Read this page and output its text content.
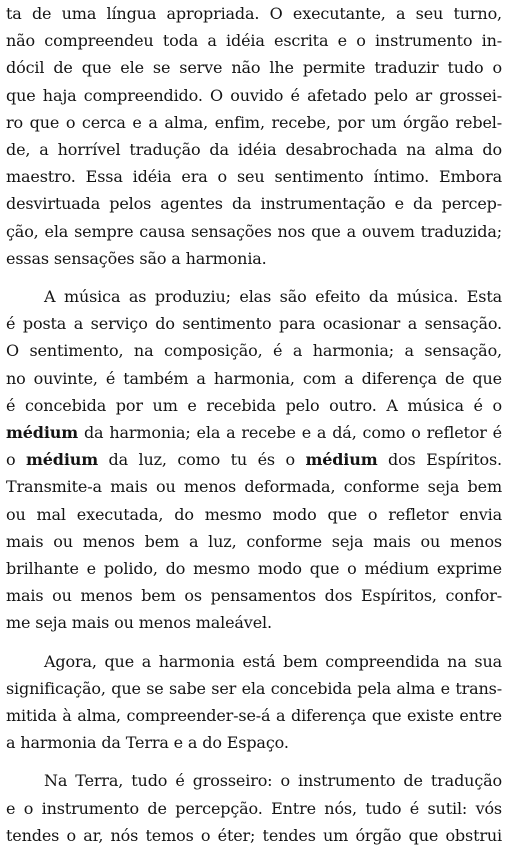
ta de uma língua apropriada. O executante, a seu turno,
não compreendeu toda a idéia escrita e o instrumento in-
dócil de que ele se serve não lhe permite traduzir tudo o
que haja compreendido. O ouvido é afetado pelo ar grossei-
ro que o cerca e a alma, enfim, recebe, por um órgão rebel-
de, a horrível tradução da idéia desabrochada na alma do
maestro. Essa idéia era o seu sentimento íntimo. Embora
desvirtuada pelos agentes da instrumentação e da percep-
ção, ela sempre causa sensações nos que a ouvem traduzida;
essas sensações são a harmonia.
A música as produziu; elas são efeito da música. Esta
é posta a serviço do sentimento para ocasionar a sensação.
O sentimento, na composição, é a harmonia; a sensação,
no ouvinte, é também a harmonia, com a diferença de que
é concebida por um e recebida pelo outro. A música é o
médium da harmonia; ela a recebe e a dá, como o refletor é
o médium da luz, como tu és o médium dos Espíritos.
Transmite-a mais ou menos deformada, conforme seja bem
ou mal executada, do mesmo modo que o refletor envia
mais ou menos bem a luz, conforme seja mais ou menos
brilhante e polido, do mesmo modo que o médium exprime
mais ou menos bem os pensamentos dos Espíritos, confor-
me seja mais ou menos maleável.
Agora, que a harmonia está bem compreendida na sua
significação, que se sabe ser ela concebida pela alma e trans-
mitida à alma, compreender-se-á a diferença que existe entre
a harmonia da Terra e a do Espaço.
Na Terra, tudo é grosseiro: o instrumento de tradução
e o instrumento de percepção. Entre nós, tudo é sutil: vós
tendes o ar, nós temos o éter; tendes um órgão que obstrui
